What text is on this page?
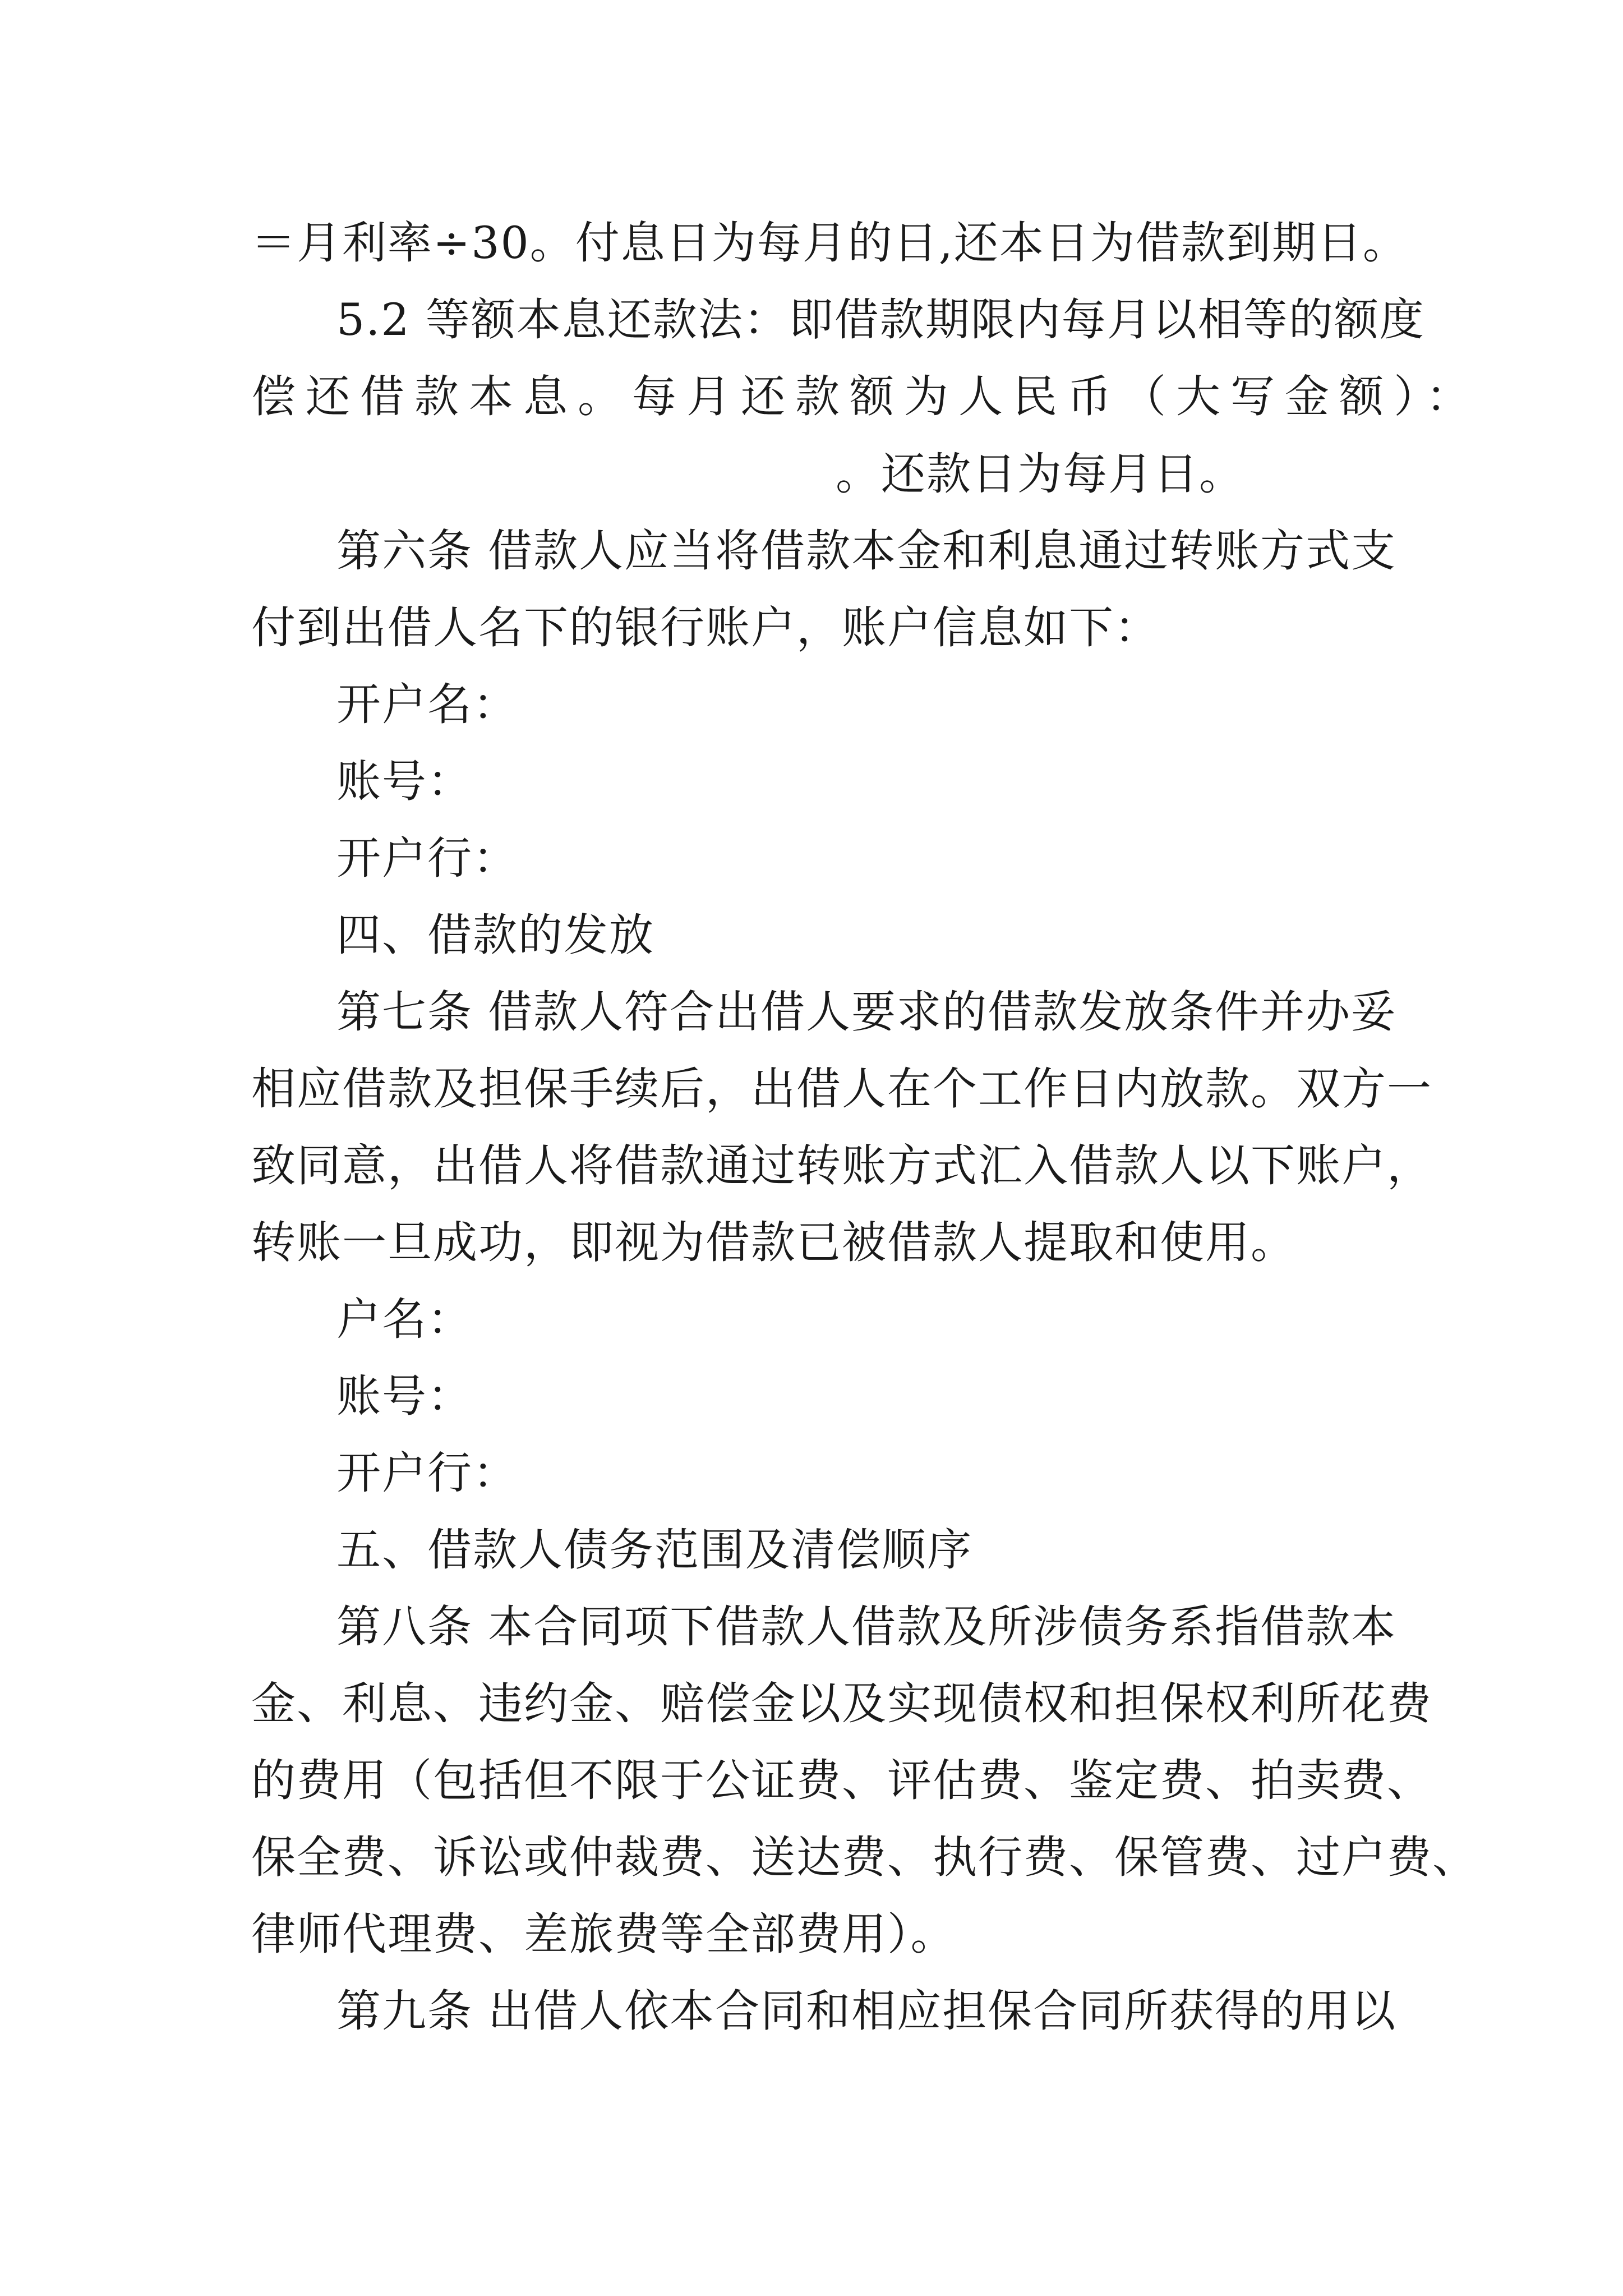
＝月利率÷30。付息日为每月的日,还本日为借款到期日。
5.2 等额本息还款法：即借款期限内每月以相等的额度
偿还借款本息。每月还款额为人民币（大写金额）：
。还款日为每月日。
第六条 借款人应当将借款本金和利息通过转账方式支
付到出借人名下的银行账户，账户信息如下：
开户名：
账号：
开户行：
四、借款的发放
第七条 借款人符合出借人要求的借款发放条件并办妥
相应借款及担保手续后，出借人在个工作日内放款。双方一
致同意，出借人将借款通过转账方式汇入借款人以下账户，
转账一旦成功，即视为借款已被借款人提取和使用。
户名：
账号：
开户行：
五、借款人债务范围及清偿顺序
第八条 本合同项下借款人借款及所涉债务系指借款本
金、利息、违约金、赔偿金以及实现债权和担保权利所花费
的费用（包括但不限于公证费、评估费、鉴定费、拍卖费、
保全费、诉讼或仲裁费、送达费、执行费、保管费、过户费、
律师代理费、差旅费等全部费用）。
第九条 出借人依本合同和相应担保合同所获得的用以
